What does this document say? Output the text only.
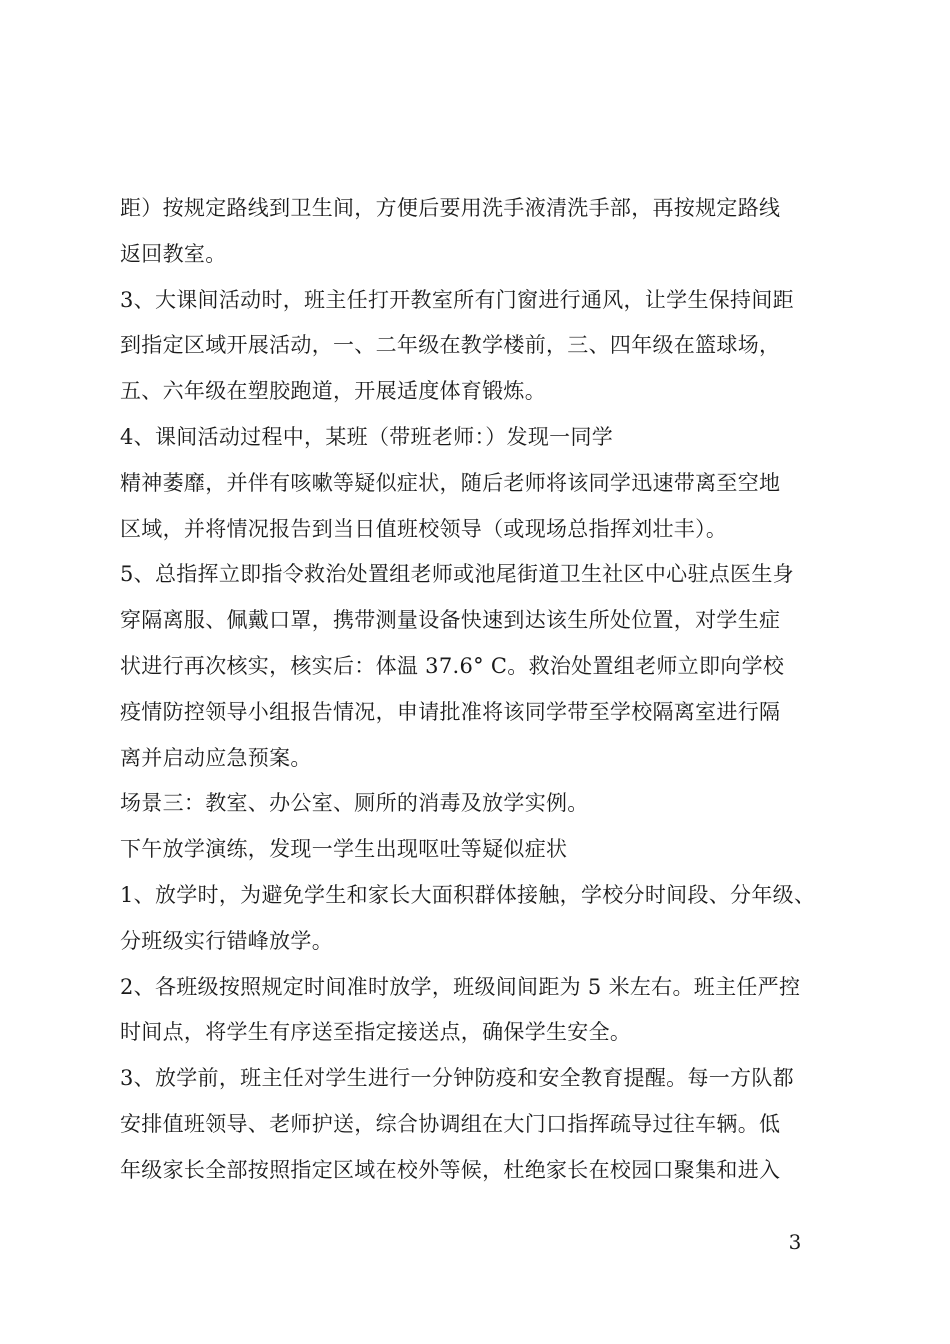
距）按规定路线到卫生间，方便后要用洗手液清洗手部，再按规定路线
返回教室。
3、大课间活动时，班主任打开教室所有门窗进行通风，让学生保持间距
到指定区域开展活动，一、二年级在教学楼前，三、四年级在篮球场，
五、六年级在塑胶跑道，开展适度体育锻炼。
4、课间活动过程中，某班（带班老师：）发现一同学
精神萎靡，并伴有咳嗽等疑似症状，随后老师将该同学迅速带离至空地
区域，并将情况报告到当日值班校领导（或现场总指挥刘壮丰）。
5、总指挥立即指令救治处置组老师或池尾街道卫生社区中心驻点医生身
穿隔离服、佩戴口罩，携带测量设备快速到达该生所处位置，对学生症
状进行再次核实，核实后：体温 37.6° C。救治处置组老师立即向学校
疫情防控领导小组报告情况，申请批准将该同学带至学校隔离室进行隔
离并启动应急预案。
场景三：教室、办公室、厕所的消毒及放学实例。
下午放学演练，发现一学生出现呕吐等疑似症状
1、放学时，为避免学生和家长大面积群体接触，学校分时间段、分年级、
分班级实行错峰放学。
2、各班级按照规定时间准时放学，班级间间距为 5 米左右。班主任严控
时间点，将学生有序送至指定接送点，确保学生安全。
3、放学前，班主任对学生进行一分钟防疫和安全教育提醒。每一方队都
安排值班领导、老师护送，综合协调组在大门口指挥疏导过往车辆。低
年级家长全部按照指定区域在校外等候，杜绝家长在校园口聚集和进入
3
